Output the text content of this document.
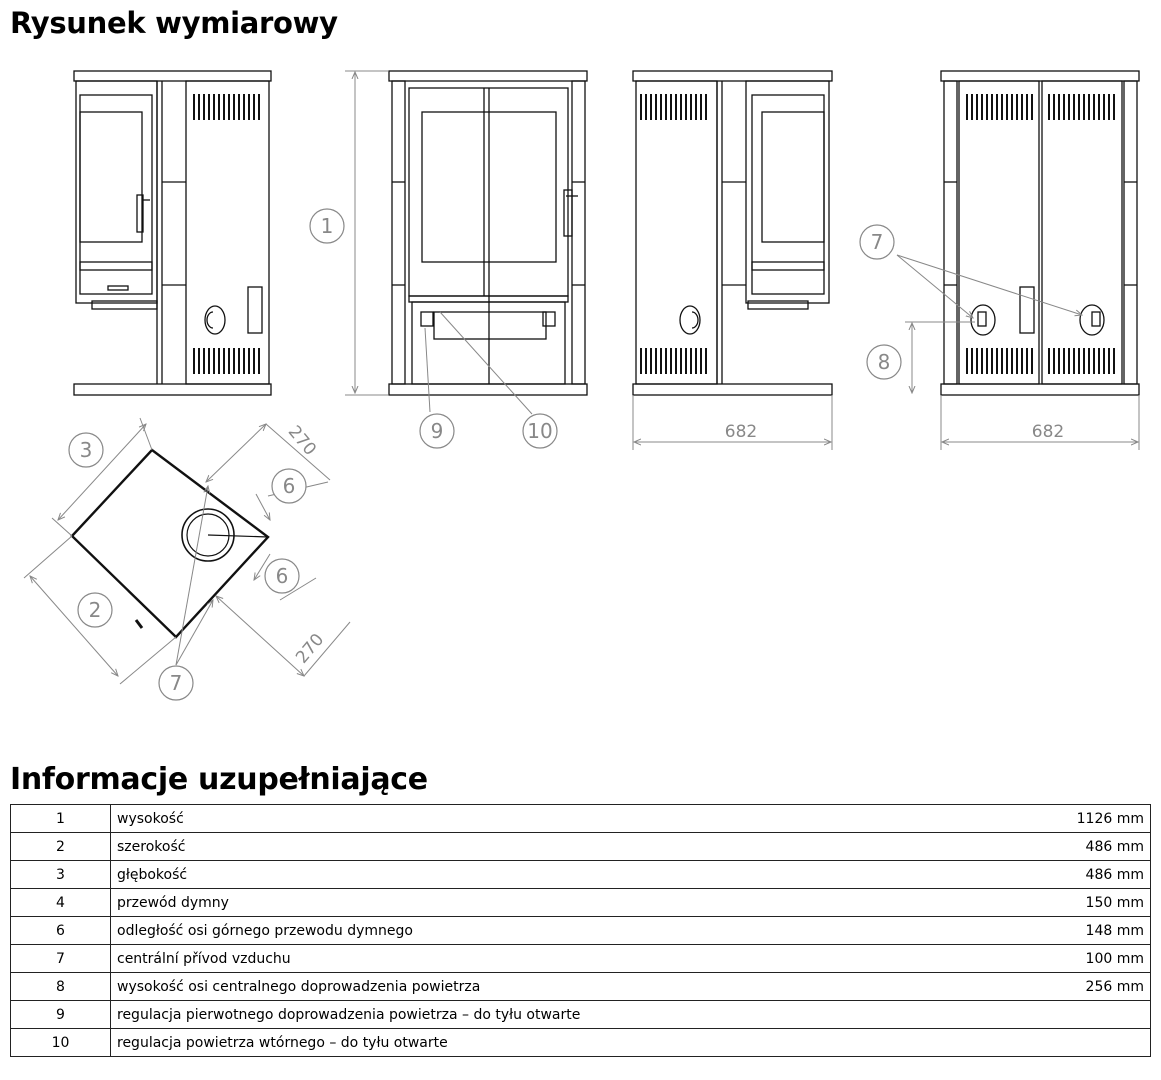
Rysunek wymiarowy
1
2
3
6
6
7
7
8
9	10	682	682
270
270
Informacje uzupełniające
1	wysokość 1126 mm

2	szerokość 486 mm

3	głębokość 486 mm

4	przewód dymny 150 mm

6	odległość osi górnego przewodu dymnego 148 mm

7	centrální přívod vzduchu 100 mm

8	wysokość osi centralnego doprowadzenia powietrza 256 mm

9	regulacja pierwotnego doprowadzenia powietrza – do tyłu otwarte

10	regulacja powietrza wtórnego – do tyłu otwarte
